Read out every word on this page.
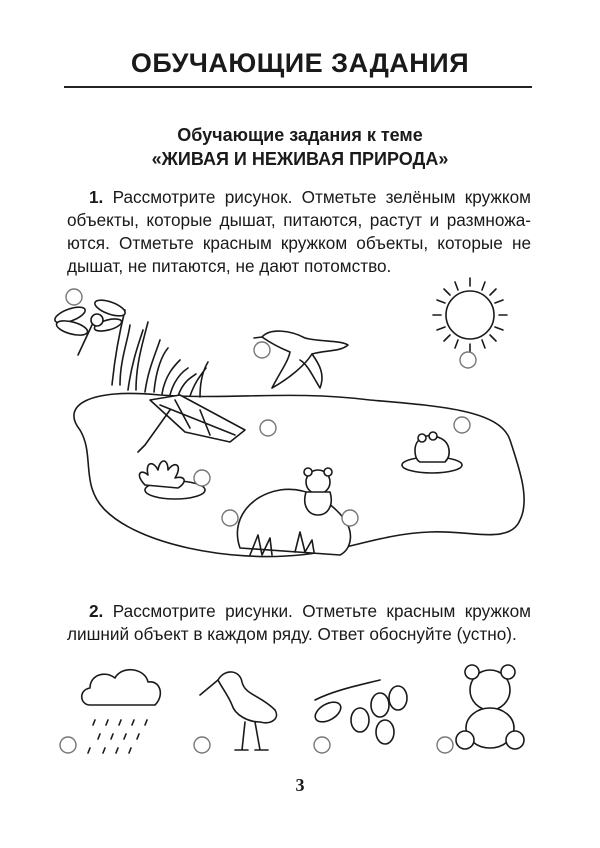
ОБУЧАЮЩИЕ ЗАДАНИЯ
Обучающие задания к теме
«ЖИВАЯ И НЕЖИВАЯ ПРИРОДА»
1. Рассмотрите рисунок. Отметьте зелёным кружком объекты, которые дышат, питаются, растут и размножа-ются. Отметьте красным кружком объекты, которые не дышат, не питаются, не дают потомство.
2. Рассмотрите рисунки. Отметьте красным кружком лишний объект в каждом ряду. Ответ обоснуйте (устно).
3
